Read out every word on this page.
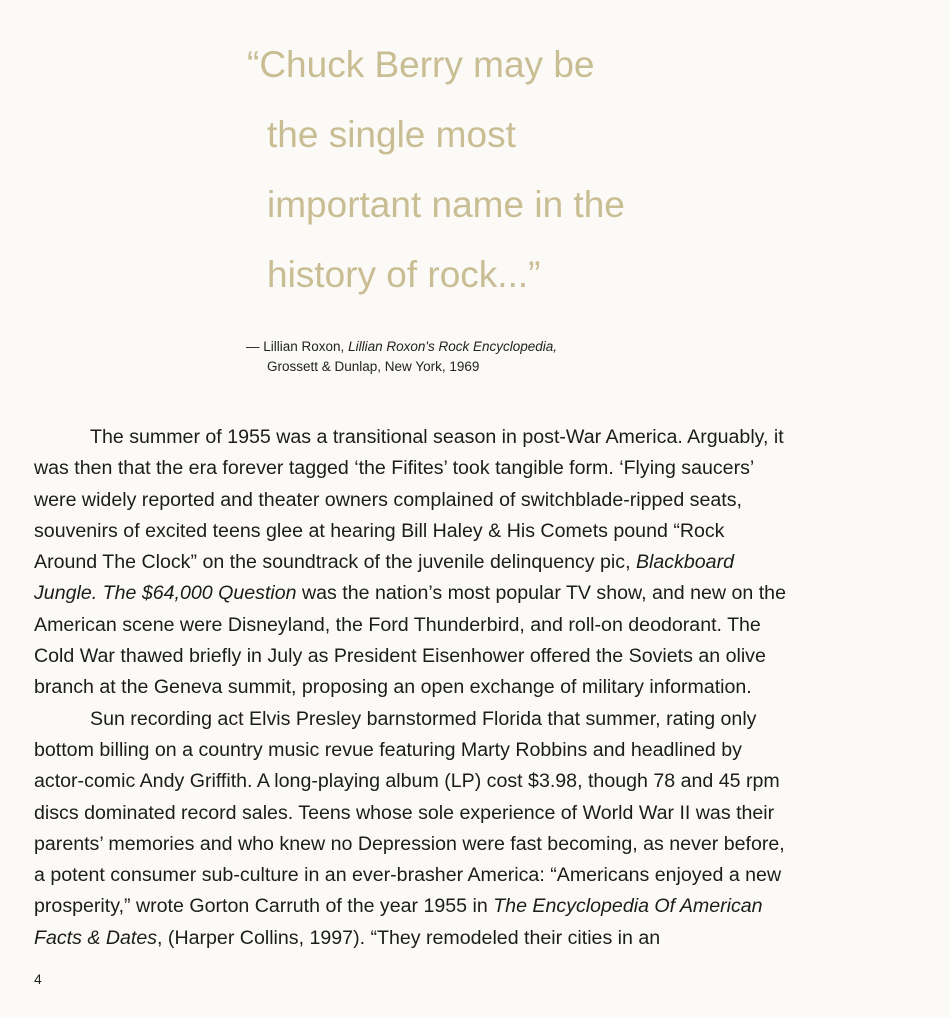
“Chuck Berry may be
the single most
important name in the
history of rock...”
— Lillian Roxon, Lillian Roxon's Rock Encyclopedia,
Grossett & Dunlap, New York, 1969
The summer of 1955 was a transitional season in post-War America. Arguably, it
was then that the era forever tagged ‘the Fifites’ took tangible form. ‘Flying saucers’
were widely reported and theater owners complained of switchblade-ripped seats,
souvenirs of excited teens glee at hearing Bill Haley & His Comets pound “Rock
Around The Clock” on the soundtrack of the juvenile delinquency pic, Blackboard
Jungle. The $64,000 Question was the nation’s most popular TV show, and new on the
American scene were Disneyland, the Ford Thunderbird, and roll-on deodorant. The
Cold War thawed briefly in July as President Eisenhower offered the Soviets an olive
branch at the Geneva summit, proposing an open exchange of military information.
Sun recording act Elvis Presley barnstormed Florida that summer, rating only
bottom billing on a country music revue featuring Marty Robbins and headlined by
actor-comic Andy Griffith. A long-playing album (LP) cost $3.98, though 78 and 45 rpm
discs dominated record sales. Teens whose sole experience of World War II was their
parents’ memories and who knew no Depression were fast becoming, as never before,
a potent consumer sub-culture in an ever-brasher America: “Americans enjoyed a new
prosperity,” wrote Gorton Carruth of the year 1955 in The Encyclopedia Of American
Facts & Dates, (Harper Collins, 1997). “They remodeled their cities in an
4
